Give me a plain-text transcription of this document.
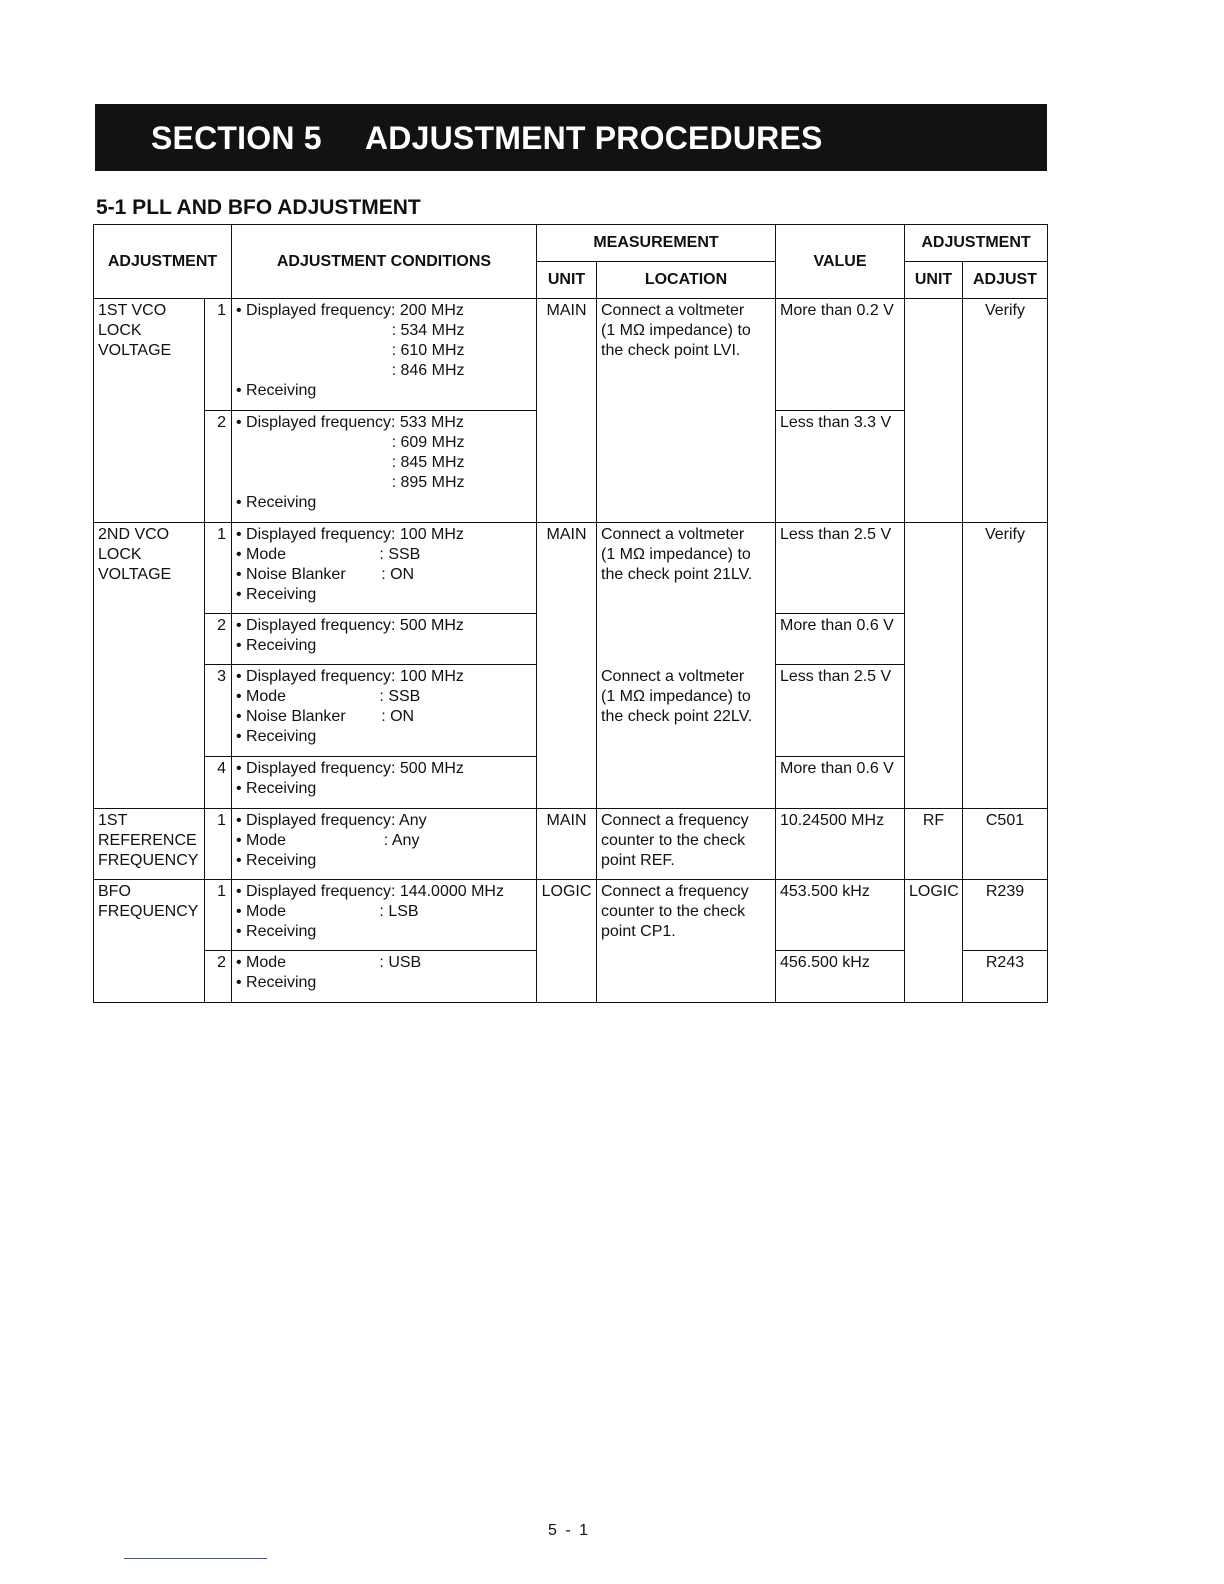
SECTION 5 ADJUSTMENT PROCEDURES
5-1 PLL AND BFO ADJUSTMENT
ADJUSTMENT		ADJUSTMENT CONDITIONS	MEASUREMENT		VALUE	ADJUSTMENT	
			UNIT	LOCATION		UNIT	ADJUST
1ST VCO
LOCK
VOLTAGE	1	• Displayed frequency: 200 MHz
: 534 MHz
: 610 MHz
: 846 MHz
• Receiving	MAIN	Connect a voltmeter
(1 MΩ impedance) to
the check point LVI.	More than 0.2 V		Verify
	2	• Displayed frequency: 533 MHz
: 609 MHz
: 845 MHz
: 895 MHz
• Receiving			Less than 3.3 V		
2ND VCO
LOCK
VOLTAGE	1	• Displayed frequency: 100 MHz
• Mode                     : SSB
• Noise Blanker        : ON
• Receiving	MAIN	Connect a voltmeter
(1 MΩ impedance) to
the check point 21LV.	Less than 2.5 V		Verify
	2	• Displayed frequency: 500 MHz
• Receiving			More than 0.6 V		
	3	• Displayed frequency: 100 MHz
• Mode                     : SSB
• Noise Blanker        : ON
• Receiving		Connect a voltmeter
(1 MΩ impedance) to
the check point 22LV.	Less than 2.5 V		
	4	• Displayed frequency: 500 MHz
• Receiving			More than 0.6 V		
1ST
REFERENCE
FREQUENCY	1	• Displayed frequency: Any
• Mode                      : Any
• Receiving	MAIN	Connect a frequency
counter to the check
point REF.	10.24500 MHz	RF	C501
BFO
FREQUENCY	1	• Displayed frequency: 144.0000 MHz
• Mode                     : LSB
• Receiving	LOGIC	Connect a frequency
counter to the check
point CP1.	453.500 kHz	LOGIC	R239
	2	• Mode                     : USB
• Receiving			456.500 kHz		R243
5 - 1
